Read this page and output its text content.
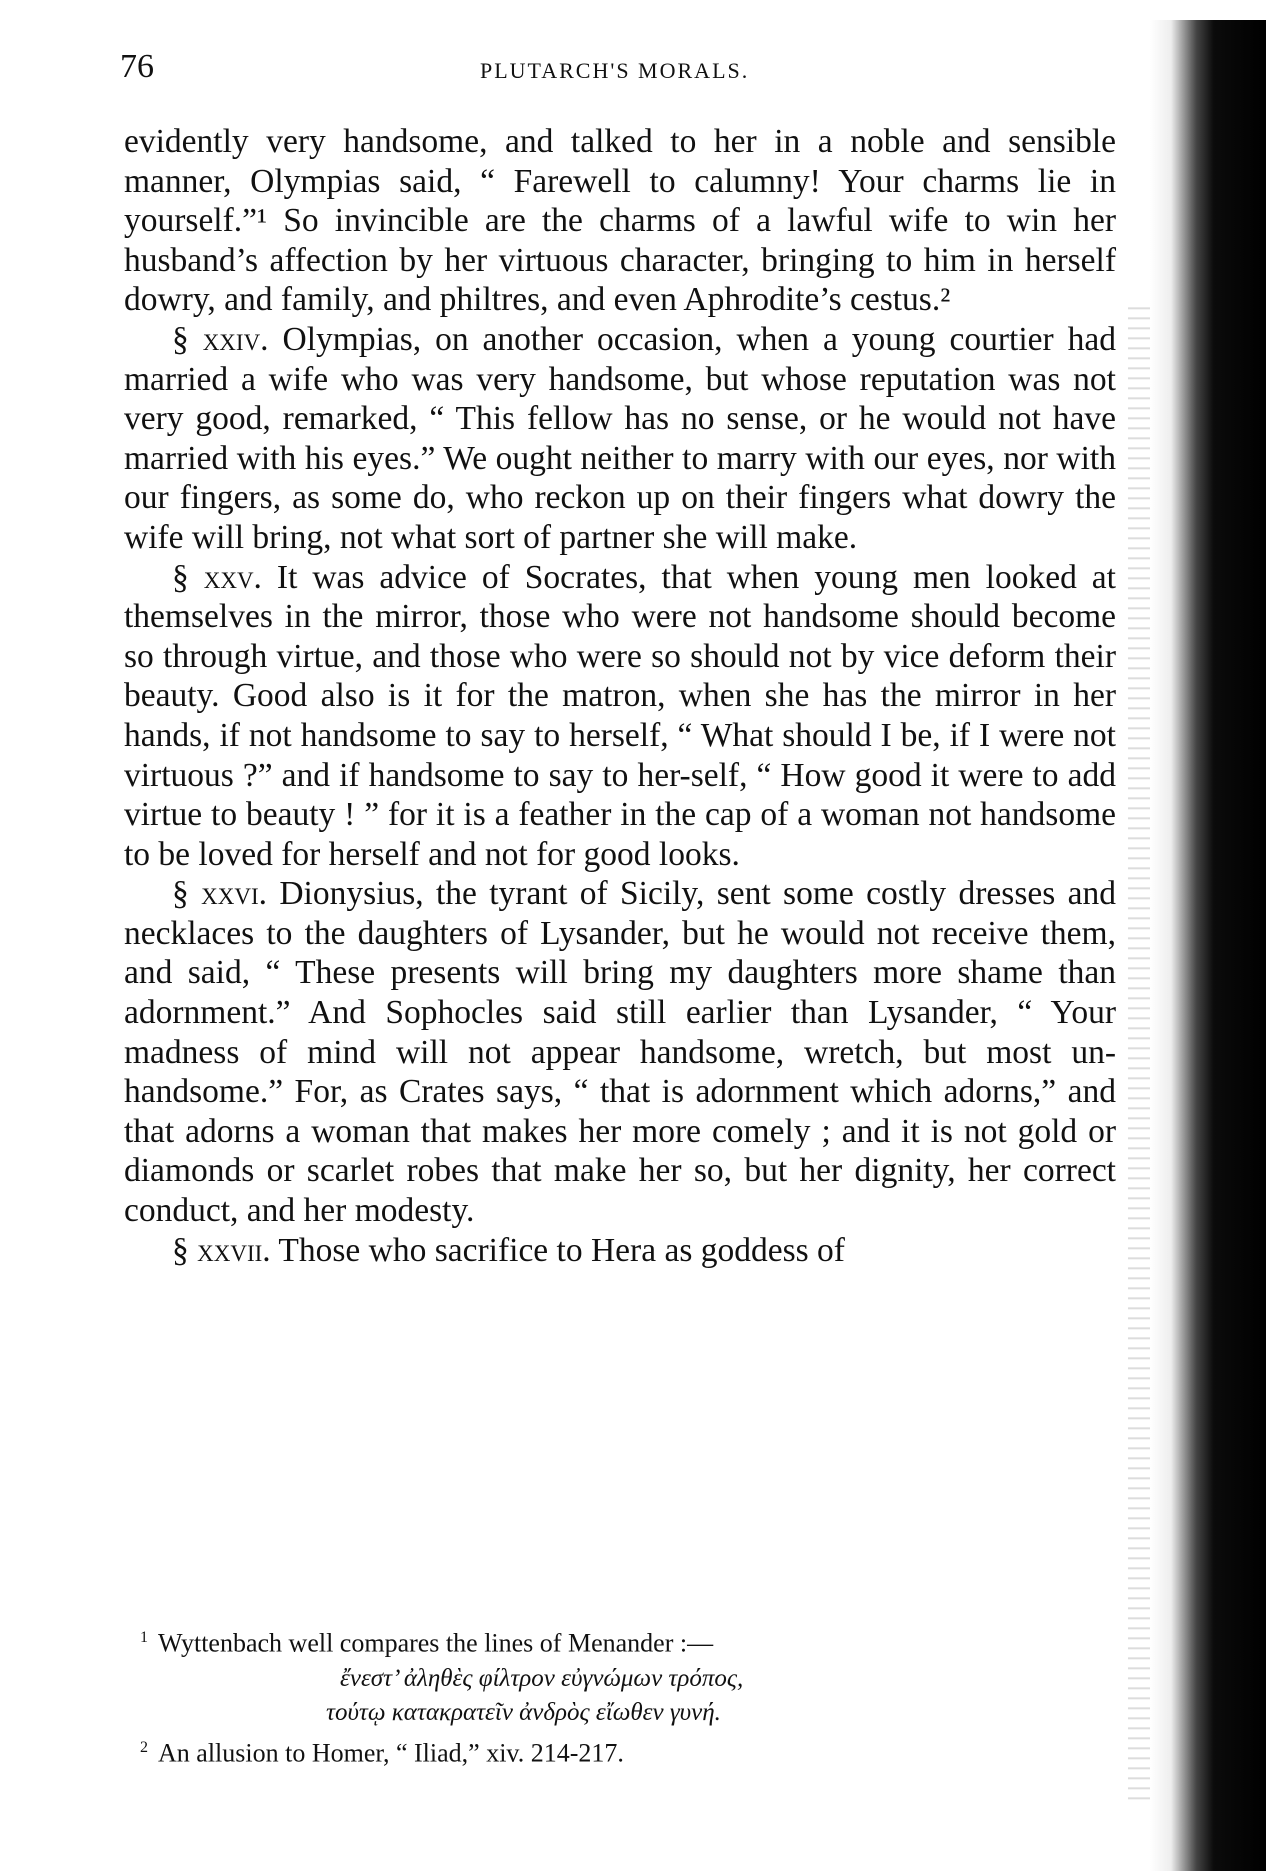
76	PLUTARCH'S MORALS.

evidently very handsome, and talked to her in a noble and sensible manner, Olympias said, “ Farewell to calumny! Your charms lie in yourself.”¹ So invincible are the charms of a lawful wife to win her husband’s affection by her virtuous character, bringing to him in herself dowry, and family, and philtres, and even Aphrodite’s cestus.²

§ xxiv. Olympias, on another occasion, when a young courtier had married a wife who was very handsome, but whose reputation was not very good, remarked, “ This fellow has no sense, or he would not have married with his eyes.” We ought neither to marry with our eyes, nor with our fingers, as some do, who reckon up on their fingers what dowry the wife will bring, not what sort of partner she will make.

§ xxv. It was advice of Socrates, that when young men looked at themselves in the mirror, those who were not handsome should become so through virtue, and those who were so should not by vice deform their beauty. Good also is it for the matron, when she has the mirror in her hands, if not handsome to say to herself, “ What should I be, if I were not virtuous ?” and if handsome to say to her-self, “ How good it were to add virtue to beauty ! ” for it is a feather in the cap of a woman not handsome to be loved for herself and not for good looks.

§ xxvi. Dionysius, the tyrant of Sicily, sent some costly dresses and necklaces to the daughters of Lysander, but he would not receive them, and said, “ These presents will bring my daughters more shame than adornment.” And Sophocles said still earlier than Lysander, “ Your madness of mind will not appear handsome, wretch, but most un-handsome.” For, as Crates says, “ that is adornment which adorns,” and that adorns a woman that makes her more comely ; and it is not gold or diamonds or scarlet robes that make her so, but her dignity, her correct conduct, and her modesty.

§ xxvii. Those who sacrifice to Hera as goddess of

$^1$ Wyttenbach well compares the lines of Menander :—

ἔνεστ’ ἀληθὲς φίλτρον εὐγνώμων τρόπος,

τούτῳ κατακρατεῖν ἀνδρὸς εἴωθεν γυνή.

$^2$ An allusion to Homer, “ Iliad,” xiv. 214-217.
